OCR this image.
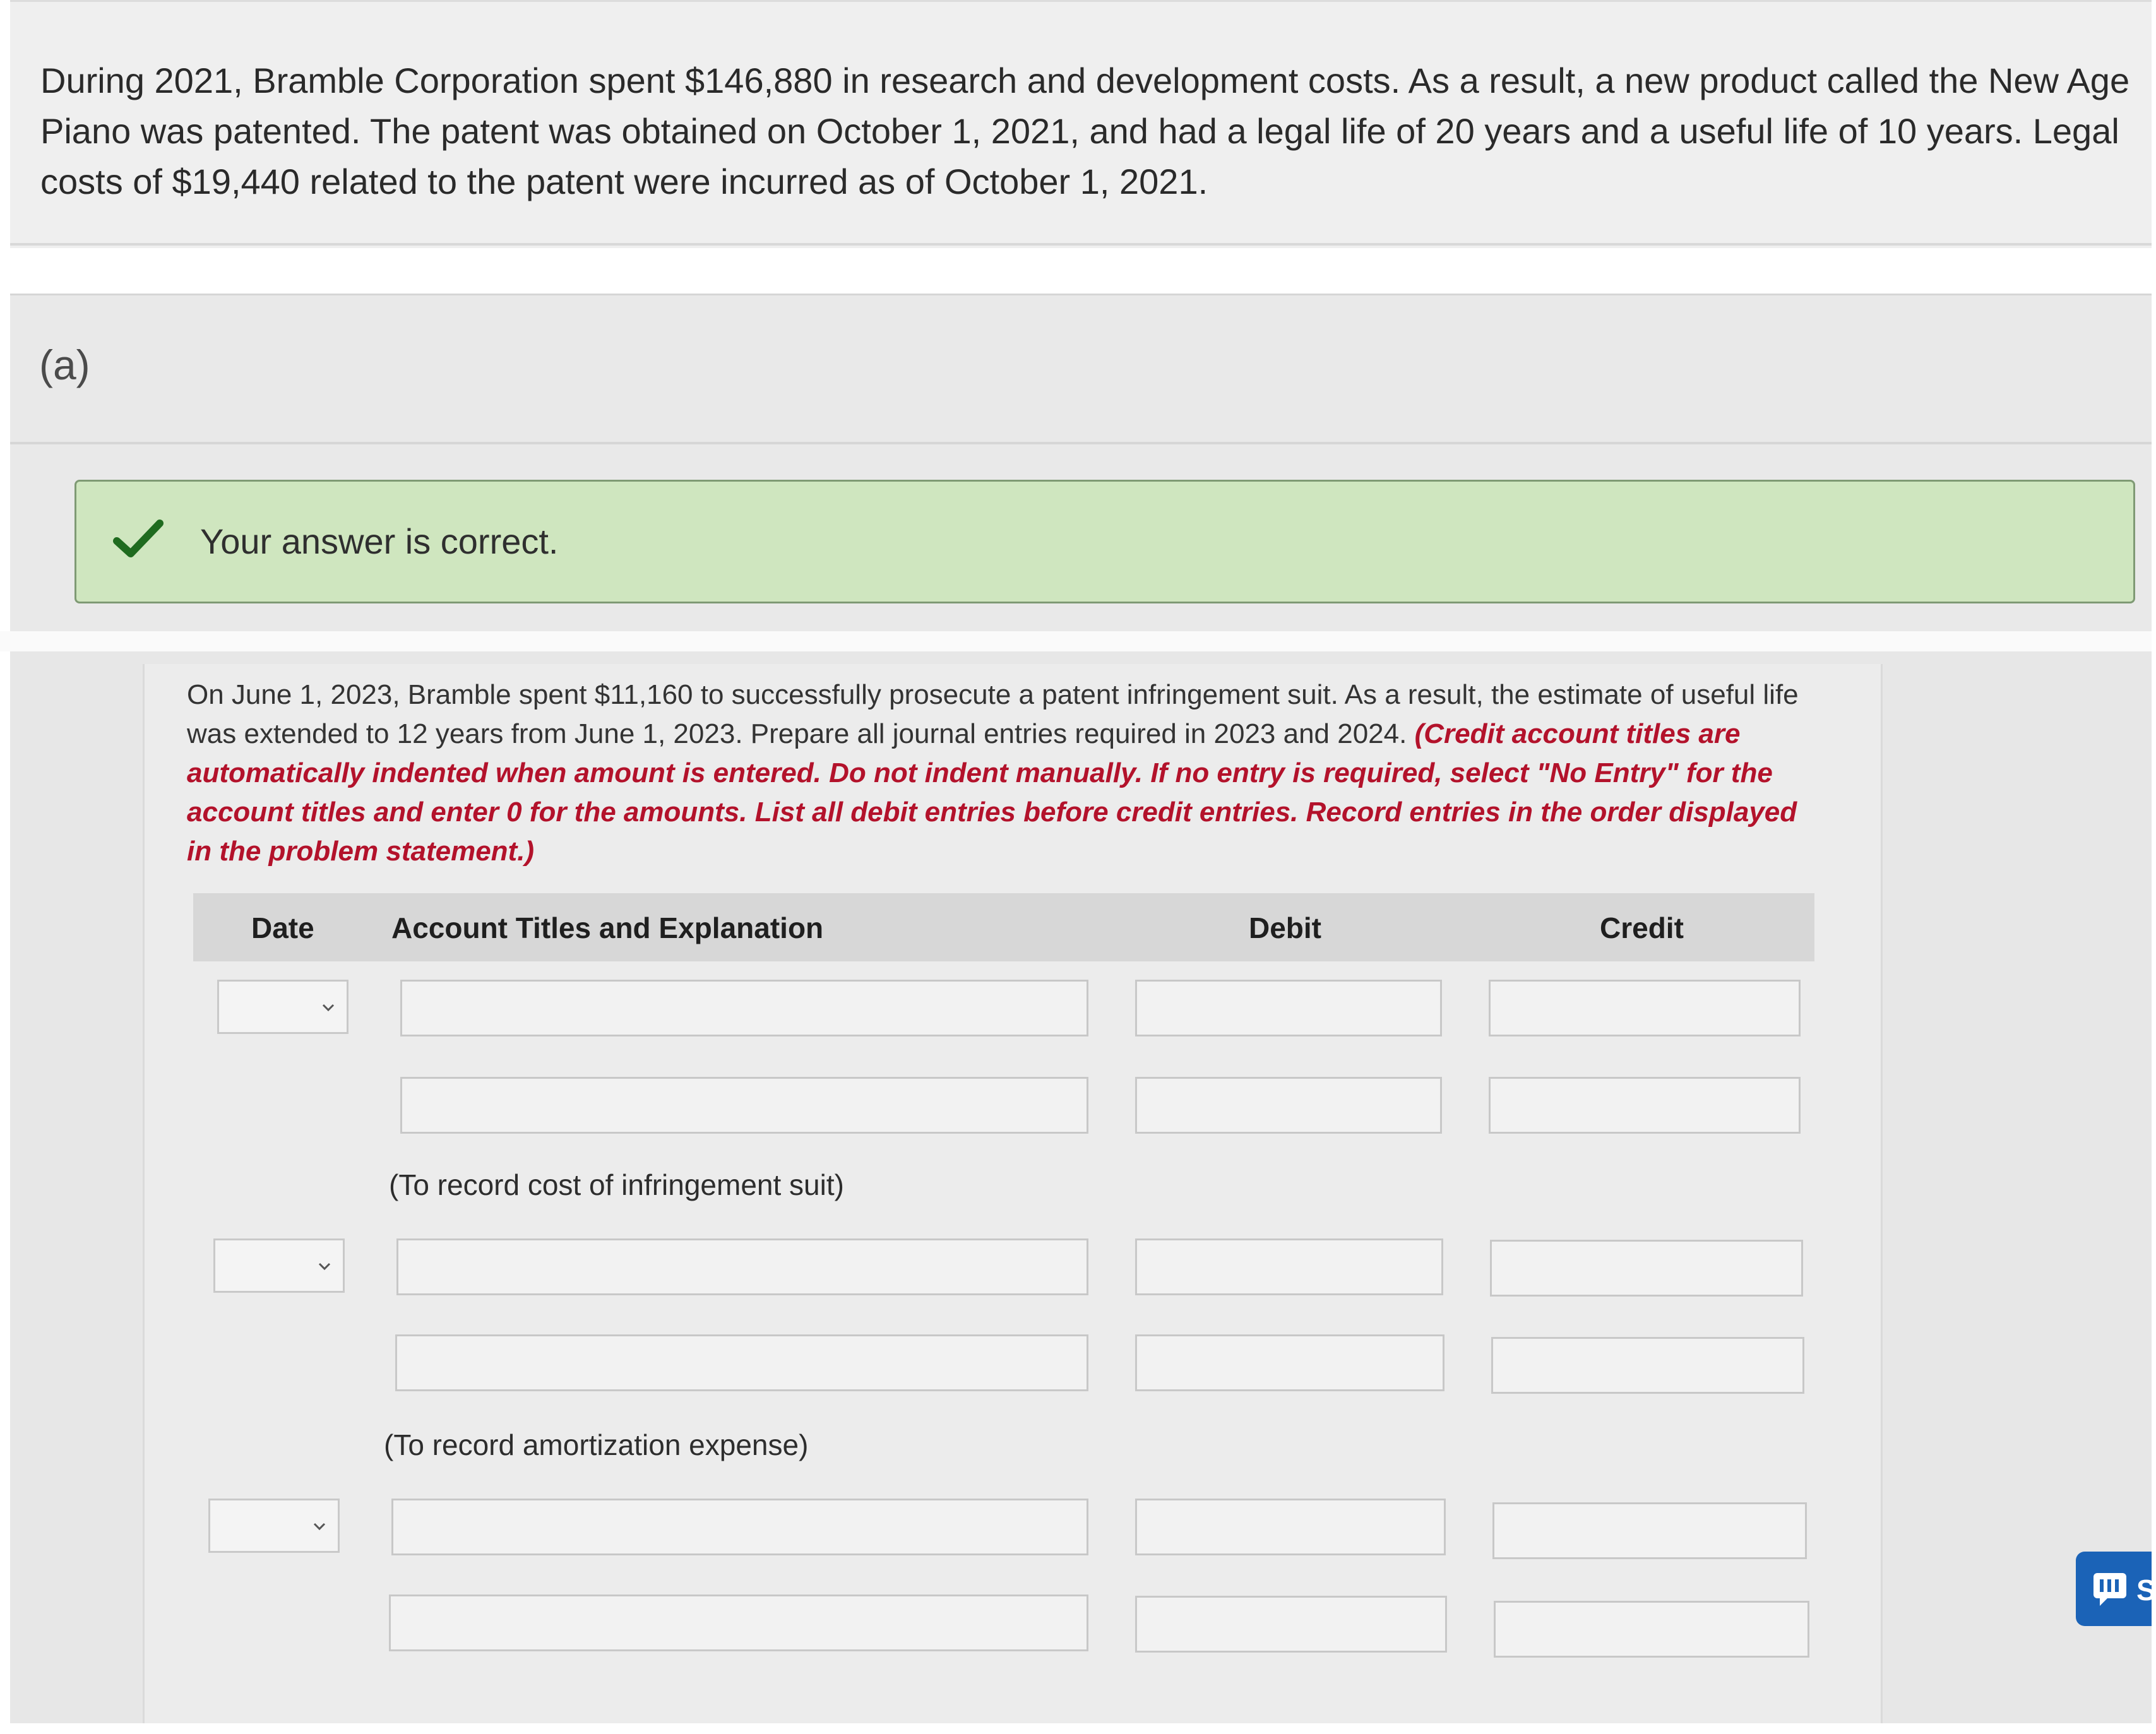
During 2021, Bramble Corporation spent $146,880 in research and development costs. As a result, a new product called the New Age Piano was patented. The patent was obtained on October 1, 2021, and had a legal life of 20 years and a useful life of 10 years. Legal costs of $19,440 related to the patent were incurred as of October 1, 2021.
(a)
Your answer is correct.
On June 1, 2023, Bramble spent $11,160 to successfully prosecute a patent infringement suit. As a result, the estimate of useful life was extended to 12 years from June 1, 2023. Prepare all journal entries required in 2023 and 2024. (Credit account titles are automatically indented when amount is entered. Do not indent manually. If no entry is required, select "No Entry" for the account titles and enter 0 for the amounts. List all debit entries before credit entries. Record entries in the order displayed in the problem statement.)
Date	Account Titles and Explanation	Debit	Credit
(To record cost of infringement suit)
(To record amortization expense)
S
